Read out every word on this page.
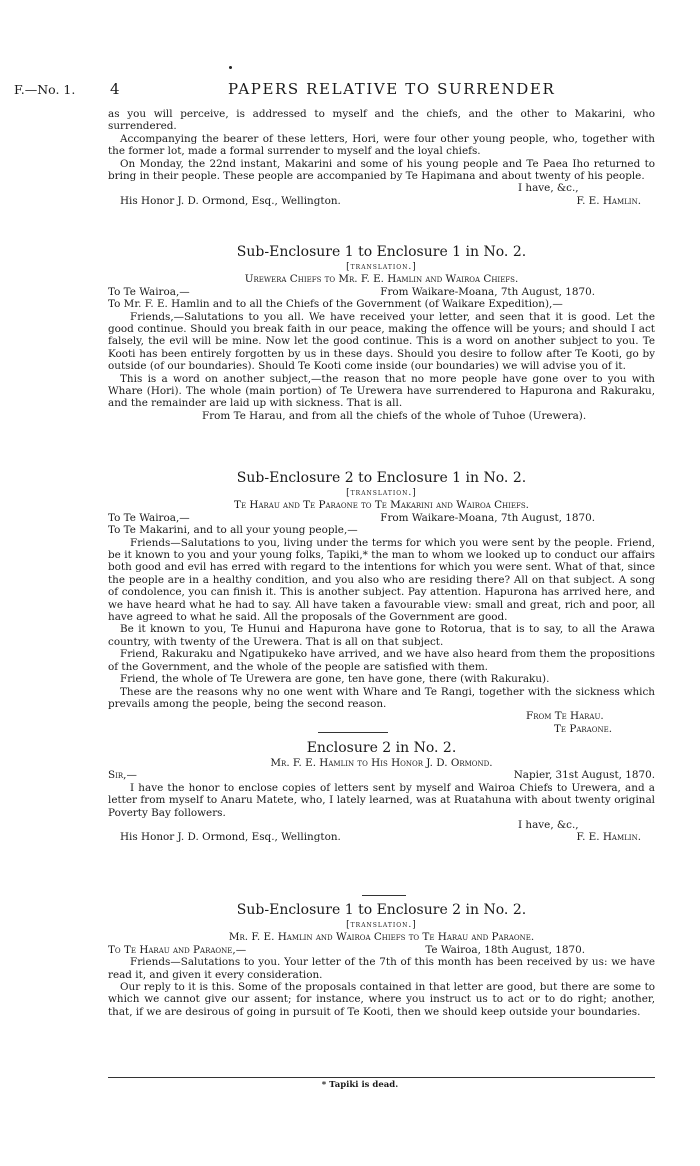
F.—No. 1. 4	PAPERS RELATIVE TO SURRENDER

as you will perceive, is addressed to myself and the chiefs, and the other to Makarini, who surrendered.

Accompanying the bearer of these letters, Hori, were four other young people, who, together with the former lot, made a formal surrender to myself and the loyal chiefs.

On Monday, the 22nd instant, Makarini and some of his young people and Te Paea Iho returned to bring in their people. These people are accompanied by Te Hapimana and about twenty of his people.

I have, &c.,

His Honor J. D. Ormond, Esq., Wellington.	F. E. Hamlin.

Sub-Enclosure 1 to Enclosure 1 in No. 2.

[translation.]

Urewera Chiefs to Mr. F. E. Hamlin and Wairoa Chiefs.

To Te Wairoa,—	From Waikare-Moana, 7th August, 1870.

To Mr. F. E. Hamlin and to all the Chiefs of the Government (of Waikare Expedition),—

Friends,—Salutations to you all. We have received your letter, and seen that it is good. Let the good continue. Should you break faith in our peace, making the offence will be yours; and should I act falsely, the evil will be mine. Now let the good continue. This is a word on another subject to you. Te Kooti has been entirely forgotten by us in these days. Should you desire to follow after Te Kooti, go by outside (of our boundaries). Should Te Kooti come inside (our boundaries) we will advise you of it.

This is a word on another subject,—the reason that no more people have gone over to you with Whare (Hori). The whole (main portion) of Te Urewera have surrendered to Hapurona and Rakuraku, and the remainder are laid up with sickness. That is all.

From Te Harau, and from all the chiefs of the whole of Tuhoe (Urewera).

Sub-Enclosure 2 to Enclosure 1 in No. 2.

[translation.]

Te Harau and Te Paraone to Te Makarini and Wairoa Chiefs.

To Te Wairoa,—	From Waikare-Moana, 7th August, 1870.

To Te Makarini, and to all your young people,—

Friends—Salutations to you, living under the terms for which you were sent by the people. Friend, be it known to you and your young folks, Tapiki,* the man to whom we looked up to conduct our affairs both good and evil has erred with regard to the intentions for which you were sent. What of that, since the people are in a healthy condition, and you also who are residing there? All on that subject. A song of condolence, you can finish it. This is another subject. Pay attention. Hapurona has arrived here, and we have heard what he had to say. All have taken a favourable view: small and great, rich and poor, all have agreed to what he said. All the proposals of the Government are good.

Be it known to you, Te Hunui and Hapurona have gone to Rotorua, that is to say, to all the Arawa country, with twenty of the Urewera. That is all on that subject.

Friend, Rakuraku and Ngatipukeko have arrived, and we have also heard from them the propositions of the Government, and the whole of the people are satisfied with them.

Friend, the whole of Te Urewera are gone, ten have gone, there (with Rakuraku).

These are the reasons why no one went with Whare and Te Rangi, together with the sickness which prevails among the people, being the second reason.

From Te Harau.

Te Paraone.

Enclosure 2 in No. 2.

Mr. F. E. Hamlin to His Honor J. D. Ormond.

Sir,—	Napier, 31st August, 1870.

I have the honor to enclose copies of letters sent by myself and Wairoa Chiefs to Urewera, and a letter from myself to Anaru Matete, who, I lately learned, was at Ruatahuna with about twenty original Poverty Bay followers.

I have, &c.,

His Honor J. D. Ormond, Esq., Wellington.	F. E. Hamlin.

Sub-Enclosure 1 to Enclosure 2 in No. 2.

[translation.]

Mr. F. E. Hamlin and Wairoa Chiefs to Te Harau and Paraone.

To Te Harau and Paraone,—	Te Wairoa, 18th August, 1870.

Friends—Salutations to you. Your letter of the 7th of this month has been received by us: we have read it, and given it every consideration.

Our reply to it is this. Some of the proposals contained in that letter are good, but there are some to which we cannot give our assent; for instance, where you instruct us to act or to do right; another, that, if we are desirous of going in pursuit of Te Kooti, then we should keep outside your boundaries.

* Tapiki is dead.
